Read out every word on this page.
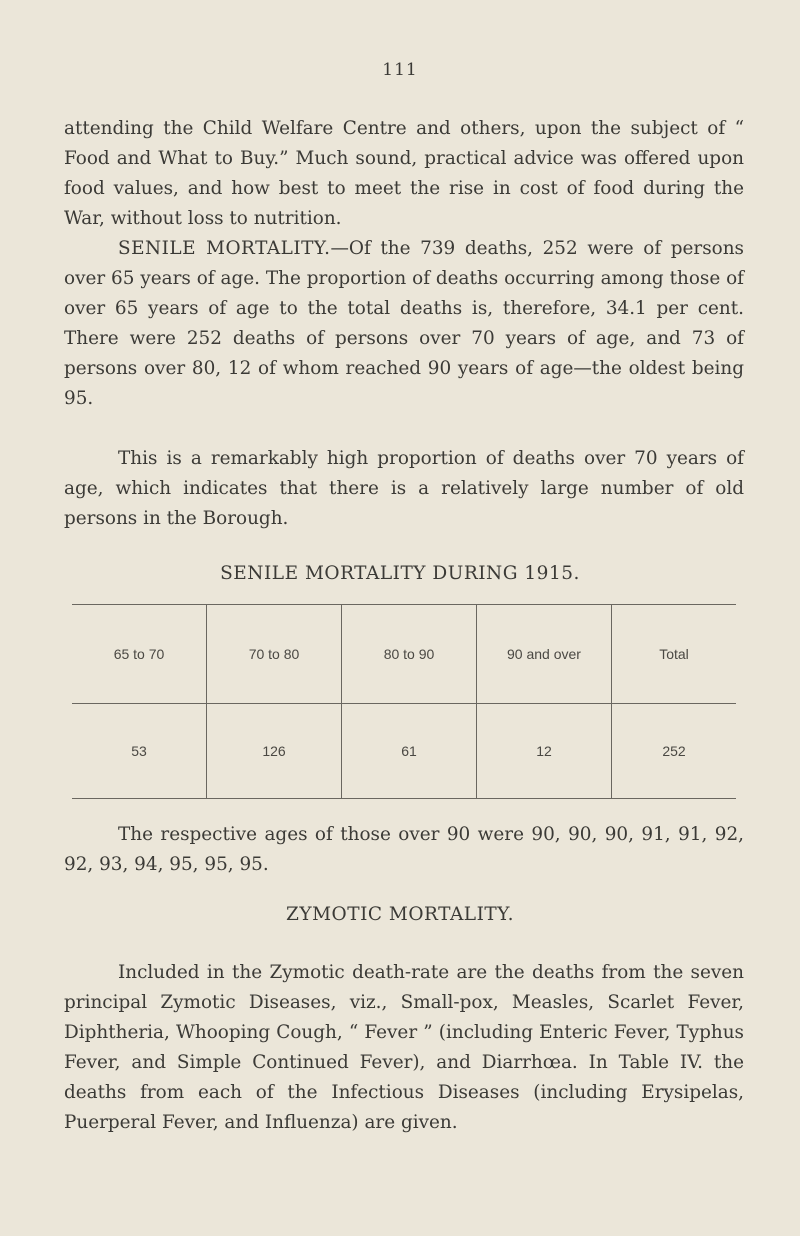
111

attending the Child Welfare Centre and others, upon the subject of “ Food and What to Buy.” Much sound, practical advice was offered upon food values, and how best to meet the rise in cost of food during the War, without loss to nutrition.

SENILE MORTALITY.—Of the 739 deaths, 252 were of persons over 65 years of age. The proportion of deaths occurring among those of over 65 years of age to the total deaths is, therefore, 34.1 per cent. There were 252 deaths of persons over 70 years of age, and 73 of persons over 80, 12 of whom reached 90 years of age—the oldest being 95.

This is a remarkably high proportion of deaths over 70 years of age, which indicates that there is a relatively large number of old persons in the Borough.

SENILE MORTALITY DURING 1915.
65 to 70	70 to 80	80 to 90	90 and over	Total
53	126	61	12	252

The respective ages of those over 90 were 90, 90, 90, 91, 91, 92, 92, 93, 94, 95, 95, 95.

ZYMOTIC MORTALITY.

Included in the Zymotic death-rate are the deaths from the seven principal Zymotic Diseases, viz., Small-pox, Measles, Scarlet Fever, Diphtheria, Whooping Cough, “ Fever ” (including Enteric Fever, Typhus Fever, and Simple Continued Fever), and Diarrhœa. In Table IV. the deaths from each of the Infectious Diseases (including Erysipelas, Puerperal Fever, and Influenza) are given.
